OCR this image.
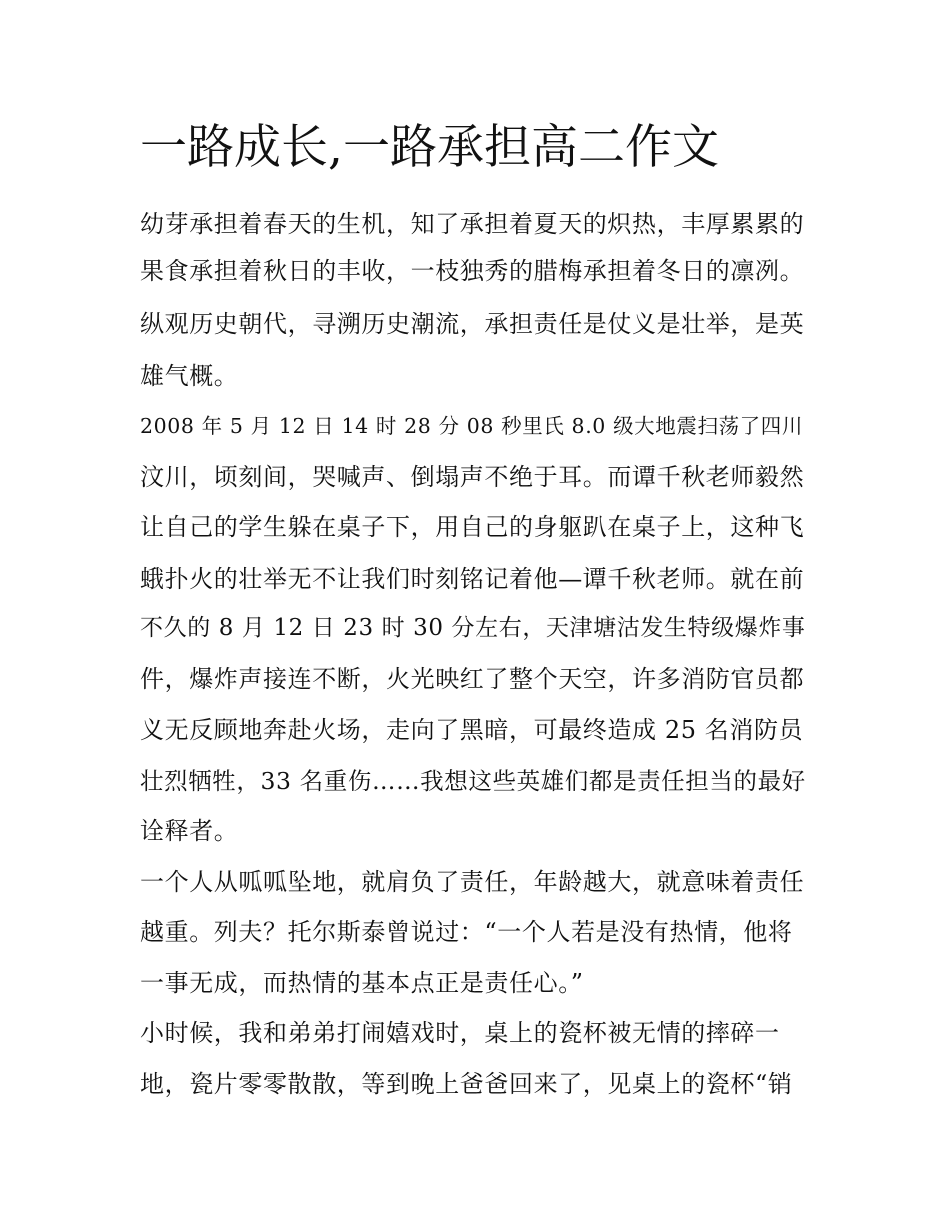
一路成长,一路承担高二作文

幼芽承担着春天的生机，知了承担着夏天的炽热，丰厚累累的

果食承担着秋日的丰收，一枝独秀的腊梅承担着冬日的凛冽。

纵观历史朝代，寻溯历史潮流，承担责任是仗义是壮举，是英

雄气概。

2008 年 5 月 12 日 14 时 28 分 08 秒里氏 8.0 级大地震扫荡了四川

汶川，顷刻间，哭喊声、倒塌声不绝于耳。而谭千秋老师毅然

让自己的学生躲在桌子下，用自己的身躯趴在桌子上，这种飞

蛾扑火的壮举无不让我们时刻铭记着他—谭千秋老师。就在前

不久的 8 月 12 日 23 时 30 分左右，天津塘沽发生特级爆炸事

件，爆炸声接连不断，火光映红了整个天空，许多消防官员都

义无反顾地奔赴火场，走向了黑暗，可最终造成 25 名消防员

壮烈牺牲，33 名重伤……我想这些英雄们都是责任担当的最好

诠释者。

一个人从呱呱坠地，就肩负了责任，年龄越大，就意味着责任

越重。列夫？托尔斯泰曾说过：“一个人若是没有热情，他将

一事无成，而热情的基本点正是责任心。”

小时候，我和弟弟打闹嬉戏时，桌上的瓷杯被无情的摔碎一

地，瓷片零零散散，等到晚上爸爸回来了，见桌上的瓷杯“销
